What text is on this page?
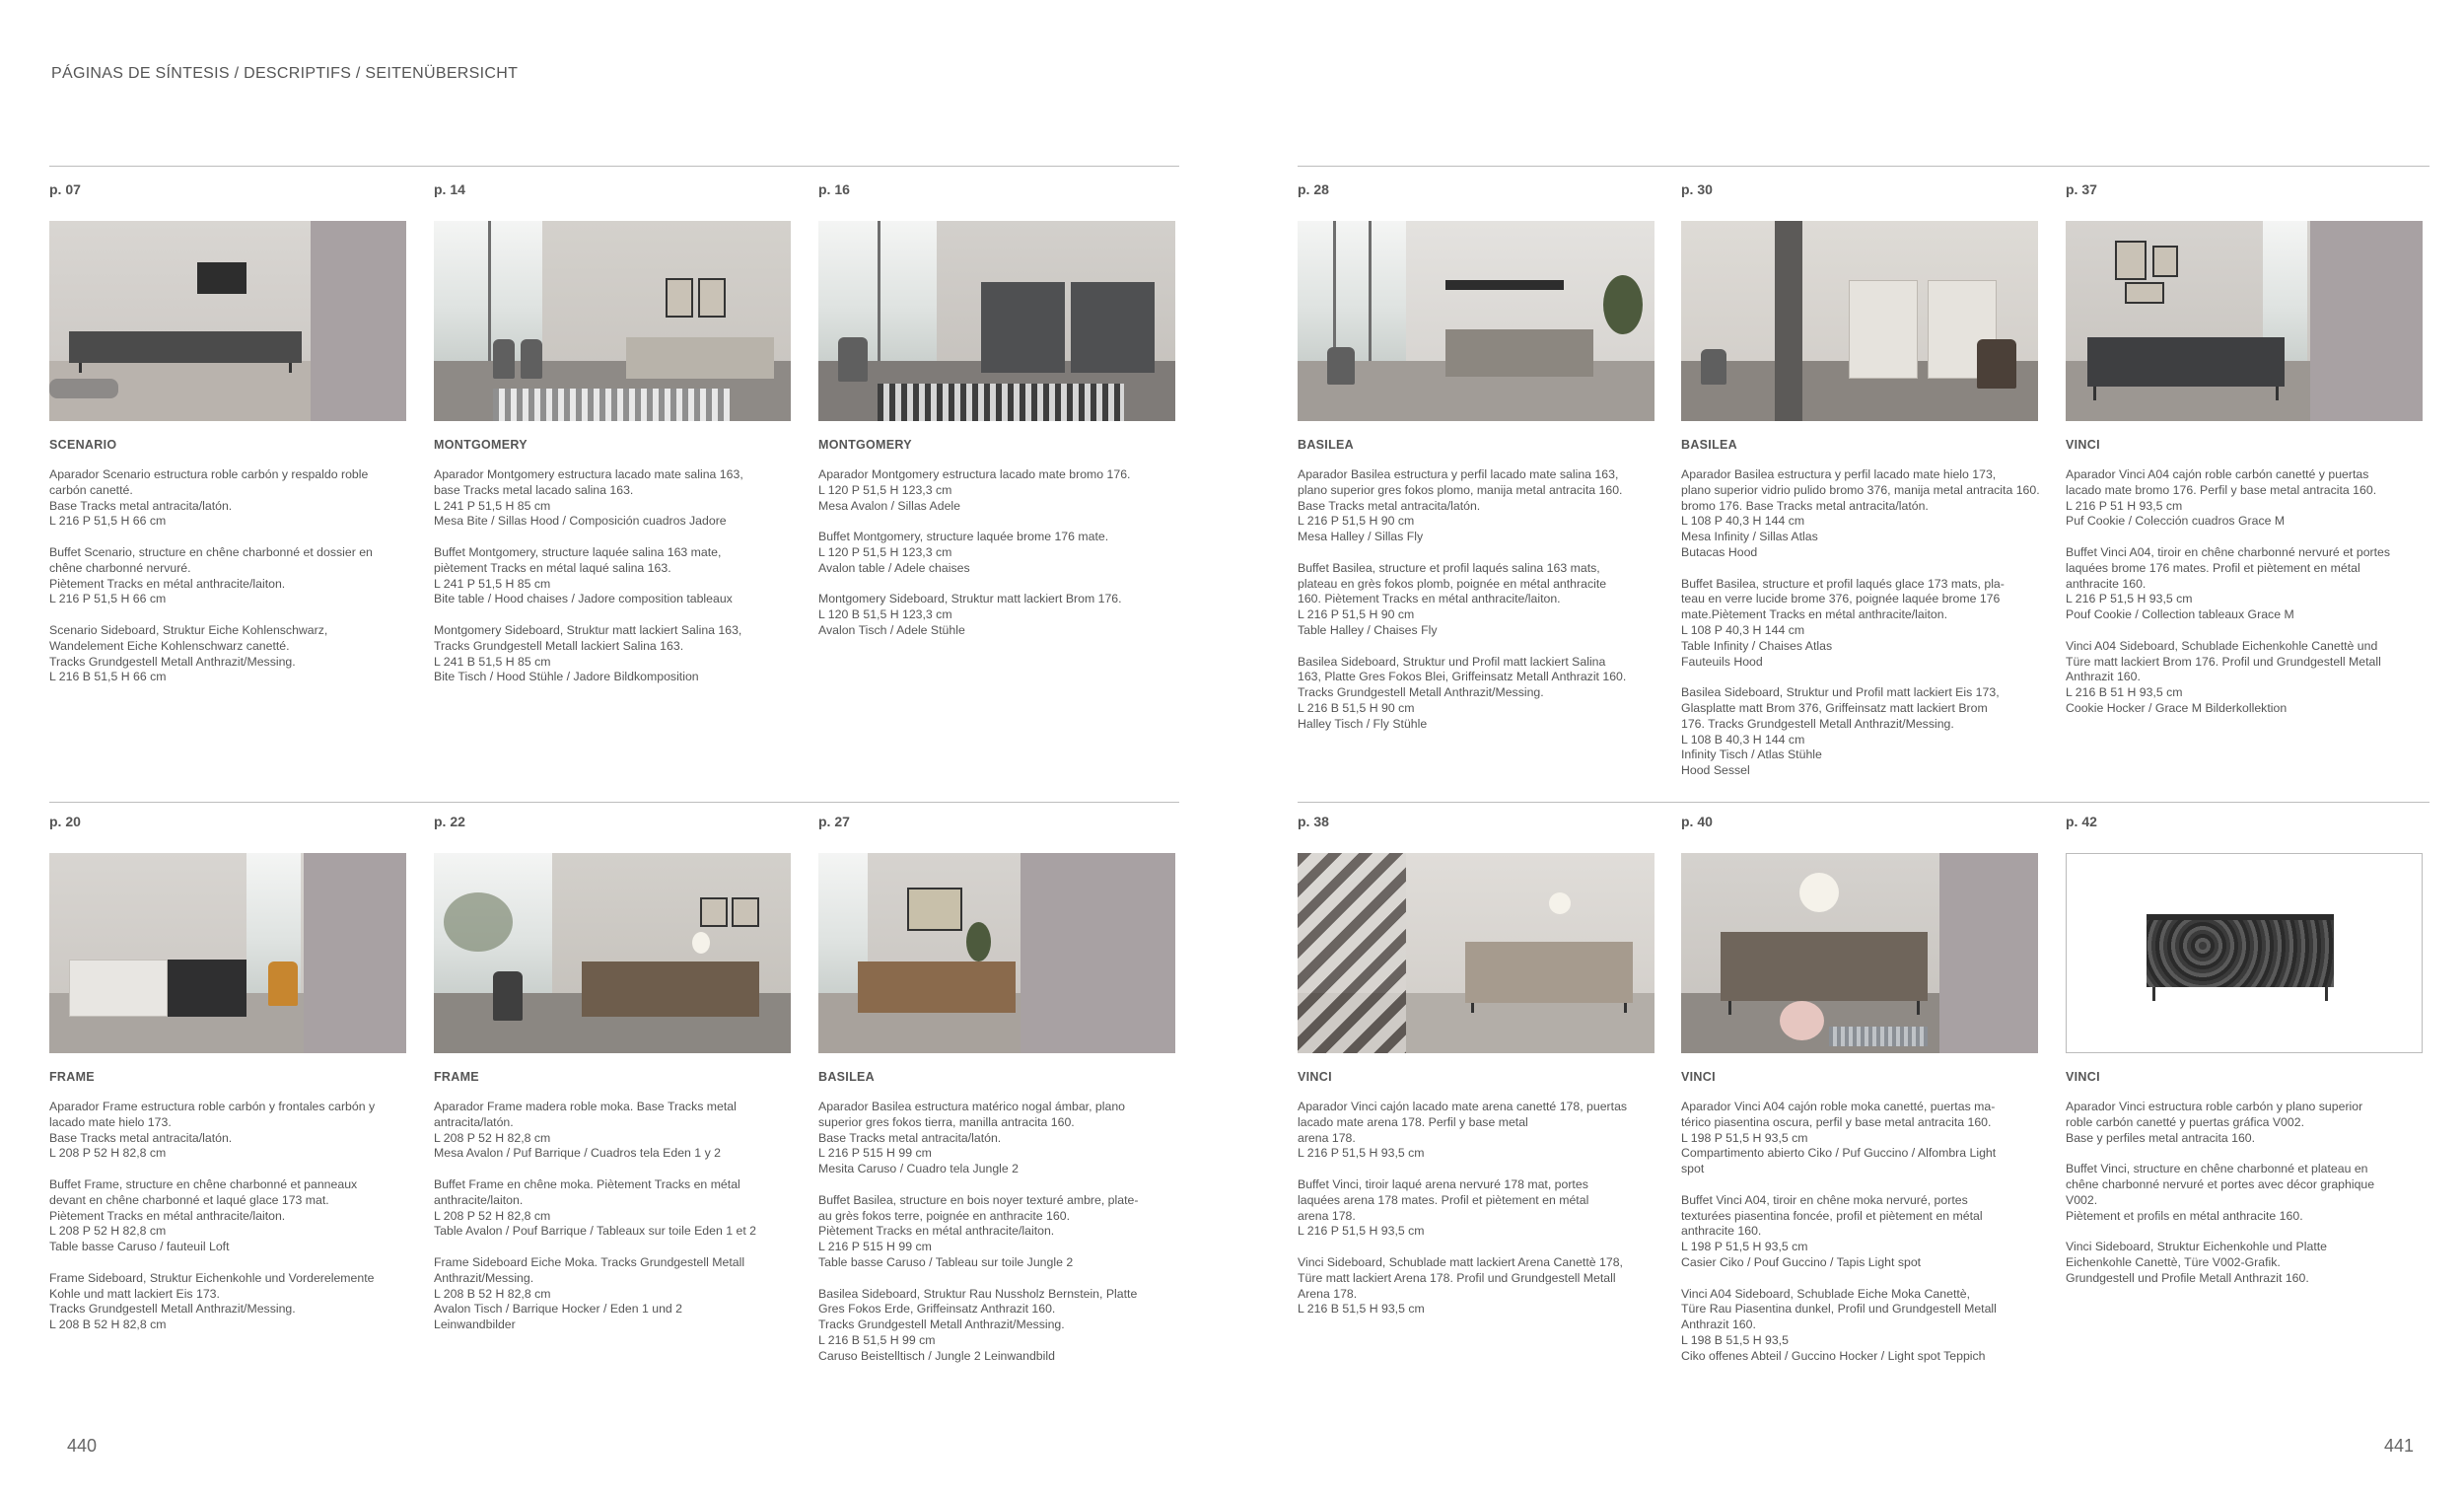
PÁGINAS DE SÍNTESIS / DESCRIPTIFS / SEITENÜBERSICHT
p. 07
SCENARIO
Aparador Scenario estructura roble carbón y respaldo roble
carbón canetté.
Base Tracks metal antracita/latón.
L 216 P 51,5 H 66 cm
Buffet Scenario, structure en chêne charbonné et dossier en
chêne charbonné nervuré.
Piètement Tracks en métal anthracite/laiton.
L 216 P 51,5 H 66 cm
Scenario Sideboard, Struktur Eiche Kohlenschwarz,
Wandelement Eiche Kohlenschwarz canetté.
Tracks Grundgestell Metall Anthrazit/Messing.
L 216 B 51,5 H 66 cm
p. 14
MONTGOMERY
Aparador Montgomery estructura lacado mate salina 163,
base Tracks metal lacado salina 163.
L 241 P 51,5 H 85 cm
Mesa Bite / Sillas Hood / Composición cuadros Jadore
Buffet Montgomery, structure laquée salina 163 mate,
piètement Tracks en métal laqué salina 163.
L 241 P 51,5 H 85 cm
Bite table / Hood chaises / Jadore composition tableaux
Montgomery Sideboard, Struktur matt lackiert Salina 163,
Tracks Grundgestell Metall lackiert Salina 163.
L 241 B 51,5 H 85 cm
Bite Tisch / Hood Stühle / Jadore Bildkomposition
p. 16
MONTGOMERY
Aparador Montgomery estructura lacado mate bromo 176.
L 120 P 51,5 H 123,3 cm
Mesa Avalon / Sillas Adele
Buffet Montgomery, structure laquée brome 176 mate.
L 120 P 51,5 H 123,3 cm
Avalon table / Adele chaises
Montgomery Sideboard, Struktur matt lackiert Brom 176.
L 120 B 51,5 H 123,3 cm
Avalon Tisch / Adele Stühle
p. 28
BASILEA
Aparador Basilea estructura y perfil lacado mate salina 163,
plano superior gres fokos plomo, manija metal antracita 160.
Base Tracks metal antracita/latón.
L 216 P 51,5 H 90 cm
Mesa Halley / Sillas Fly
Buffet Basilea, structure et profil laqués salina 163 mats,
plateau en grès fokos plomb, poignée en métal anthracite
160. Piètement Tracks en métal anthracite/laiton.
L 216 P 51,5 H 90 cm
Table Halley / Chaises Fly
Basilea Sideboard, Struktur und Profil matt lackiert Salina
163, Platte Gres Fokos Blei, Griffeinsatz Metall Anthrazit 160.
Tracks Grundgestell Metall Anthrazit/Messing.
L 216 B 51,5 H 90 cm
Halley Tisch / Fly Stühle
p. 30
BASILEA
Aparador Basilea estructura y perfil lacado mate hielo 173,
plano superior vidrio pulido bromo 376, manija metal antracita 160.
bromo 176. Base Tracks metal antracita/latón.
L 108 P 40,3 H 144 cm
Mesa Infinity / Sillas Atlas
Butacas Hood
Buffet Basilea, structure et profil laqués glace 173 mats, pla-
teau en verre lucide brome 376, poignée laquée brome 176
mate.Piètement Tracks en métal anthracite/laiton.
L 108 P 40,3 H 144 cm
Table Infinity / Chaises Atlas
Fauteuils Hood
Basilea Sideboard, Struktur und Profil matt lackiert Eis 173,
Glasplatte matt Brom 376, Griffeinsatz matt lackiert Brom
176. Tracks Grundgestell Metall Anthrazit/Messing.
L 108 B 40,3 H 144 cm
Infinity Tisch / Atlas Stühle
Hood Sessel
p. 37
VINCI
Aparador Vinci A04 cajón roble carbón canetté y puertas
lacado mate bromo 176. Perfil y base metal antracita 160.
L 216 P 51 H 93,5 cm
Puf Cookie / Colección cuadros Grace M
Buffet Vinci A04, tiroir en chêne charbonné nervuré et portes
laquées brome 176 mates. Profil et piètement en métal
anthracite 160.
L 216 P 51,5 H 93,5 cm
Pouf Cookie / Collection tableaux Grace M
Vinci A04 Sideboard, Schublade Eichenkohle Canettè und
Türe matt lackiert Brom 176. Profil und Grundgestell Metall
Anthrazit 160.
L 216 B 51 H 93,5 cm
Cookie Hocker / Grace M Bilderkollektion
p. 20
FRAME
Aparador Frame estructura roble carbón y frontales carbón y
lacado mate hielo 173.
Base Tracks metal antracita/latón.
L 208 P 52 H 82,8 cm
Buffet Frame, structure en chêne charbonné et panneaux
devant en chêne charbonné et laqué glace 173 mat.
Piètement Tracks en métal anthracite/laiton.
L 208 P 52 H 82,8 cm
Table basse Caruso / fauteuil Loft
Frame Sideboard, Struktur Eichenkohle und Vorderelemente
Kohle und matt lackiert Eis 173.
Tracks Grundgestell Metall Anthrazit/Messing.
L 208 B 52 H 82,8 cm
p. 22
FRAME
Aparador Frame madera roble moka. Base Tracks metal
antracita/latón.
L 208 P 52 H 82,8 cm
Mesa Avalon / Puf Barrique / Cuadros tela Eden 1 y 2
Buffet Frame en chêne moka. Piètement Tracks en métal
anthracite/laiton.
L 208 P 52 H 82,8 cm
Table Avalon / Pouf Barrique / Tableaux sur toile Eden 1 et 2
Frame Sideboard Eiche Moka. Tracks Grundgestell Metall
Anthrazit/Messing.
L 208 B 52 H 82,8 cm
Avalon Tisch / Barrique Hocker / Eden 1 und 2
Leinwandbilder
p. 27
BASILEA
Aparador Basilea estructura matérico nogal ámbar, plano
superior gres fokos tierra, manilla antracita 160.
Base Tracks metal antracita/latón.
L 216 P 515 H 99 cm
Mesita Caruso / Cuadro tela Jungle 2
Buffet Basilea, structure en bois noyer texturé ambre, plate-
au grès fokos terre, poignée en anthracite 160.
Piètement Tracks en métal anthracite/laiton.
L 216 P 515 H 99 cm
Table basse Caruso / Tableau sur toile Jungle 2
Basilea Sideboard, Struktur Rau Nussholz Bernstein, Platte
Gres Fokos Erde, Griffeinsatz Anthrazit 160.
Tracks Grundgestell Metall Anthrazit/Messing.
L 216 B 51,5 H 99 cm
Caruso Beistelltisch / Jungle 2 Leinwandbild
p. 38
VINCI
Aparador Vinci cajón lacado mate arena canetté 178, puertas
lacado mate arena 178. Perfil y base metal
arena 178.
L 216 P 51,5 H 93,5 cm
Buffet Vinci, tiroir laqué arena nervuré 178 mat, portes
laquées arena 178 mates. Profil et piètement en métal
arena 178.
L 216 P 51,5 H 93,5 cm
Vinci Sideboard, Schublade matt lackiert Arena Canettè 178,
Türe matt lackiert Arena 178. Profil und Grundgestell Metall
Arena 178.
L 216 B 51,5 H 93,5 cm
p. 40
VINCI
Aparador Vinci A04 cajón roble moka canetté, puertas ma-
térico piasentina oscura, perfil y base metal antracita 160.
L 198 P 51,5 H 93,5 cm
Compartimento abierto Ciko / Puf Guccino / Alfombra Light
spot
Buffet Vinci A04, tiroir en chêne moka nervuré, portes
texturées piasentina foncée, profil et piètement en métal
anthracite 160.
L 198 P 51,5 H 93,5 cm
Casier Ciko / Pouf Guccino / Tapis Light spot
Vinci A04 Sideboard, Schublade Eiche Moka Canettè,
Türe Rau Piasentina dunkel, Profil und Grundgestell Metall
Anthrazit 160.
L 198 B 51,5 H 93,5
Ciko offenes Abteil / Guccino Hocker / Light spot Teppich
p. 42
VINCI
Aparador Vinci estructura roble carbón y plano superior
roble carbón canetté y puertas gráfica V002.
Base y perfiles metal antracita 160.
Buffet Vinci, structure en chêne charbonné et plateau en
chêne charbonné nervuré et portes avec décor graphique
V002.
Piètement et profils en métal anthracite 160.
Vinci Sideboard, Struktur Eichenkohle und Platte
Eichenkohle Canettè, Türe V002-Grafik.
Grundgestell und Profile Metall Anthrazit 160.
440	441
